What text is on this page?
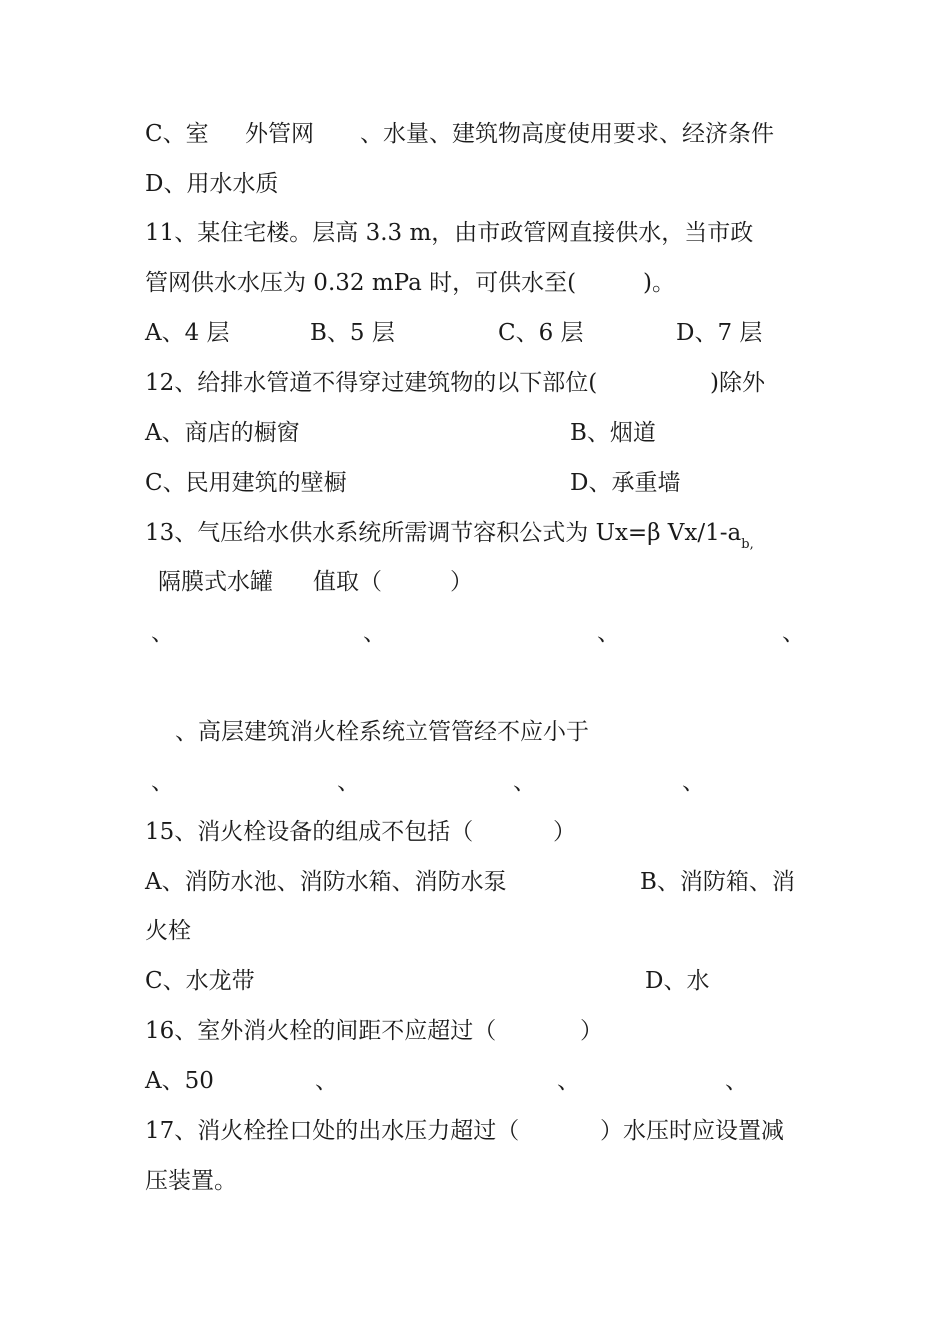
C、室 外管网 、水量、建筑物高度使用要求、经济条件
D、用水水质
11、某住宅楼。层高 3.3 m，由市政管网直接供水，当市政
管网供水水压为 0.32 mPa 时，可供水至(	)。
A、4 层	B、5 层	C、6 层	D、7 层
12、给排水管道不得穿过建筑物的以下部位(	)除外
A、商店的橱窗	B、烟道
C、民用建筑的壁橱	D、承重墙
13、气压给水供水系统所需调节容积公式为 Ux=β $Vx/1-a_{b,}$
隔膜式水罐 值取（	）
、	、	、	、
、高层建筑消火栓系统立管管经不应小于
、	、	、	、
15、消火栓设备的组成不包括（	）
A、消防水池、消防水箱、消防水泵	B、消防箱、消
火栓
C、水龙带	D、水
16、室外消火栓的间距不应超过（	）
A、50	、	、	、
17、消火栓拴口处的出水压力超过（	）水压时应设置减
压装置。
